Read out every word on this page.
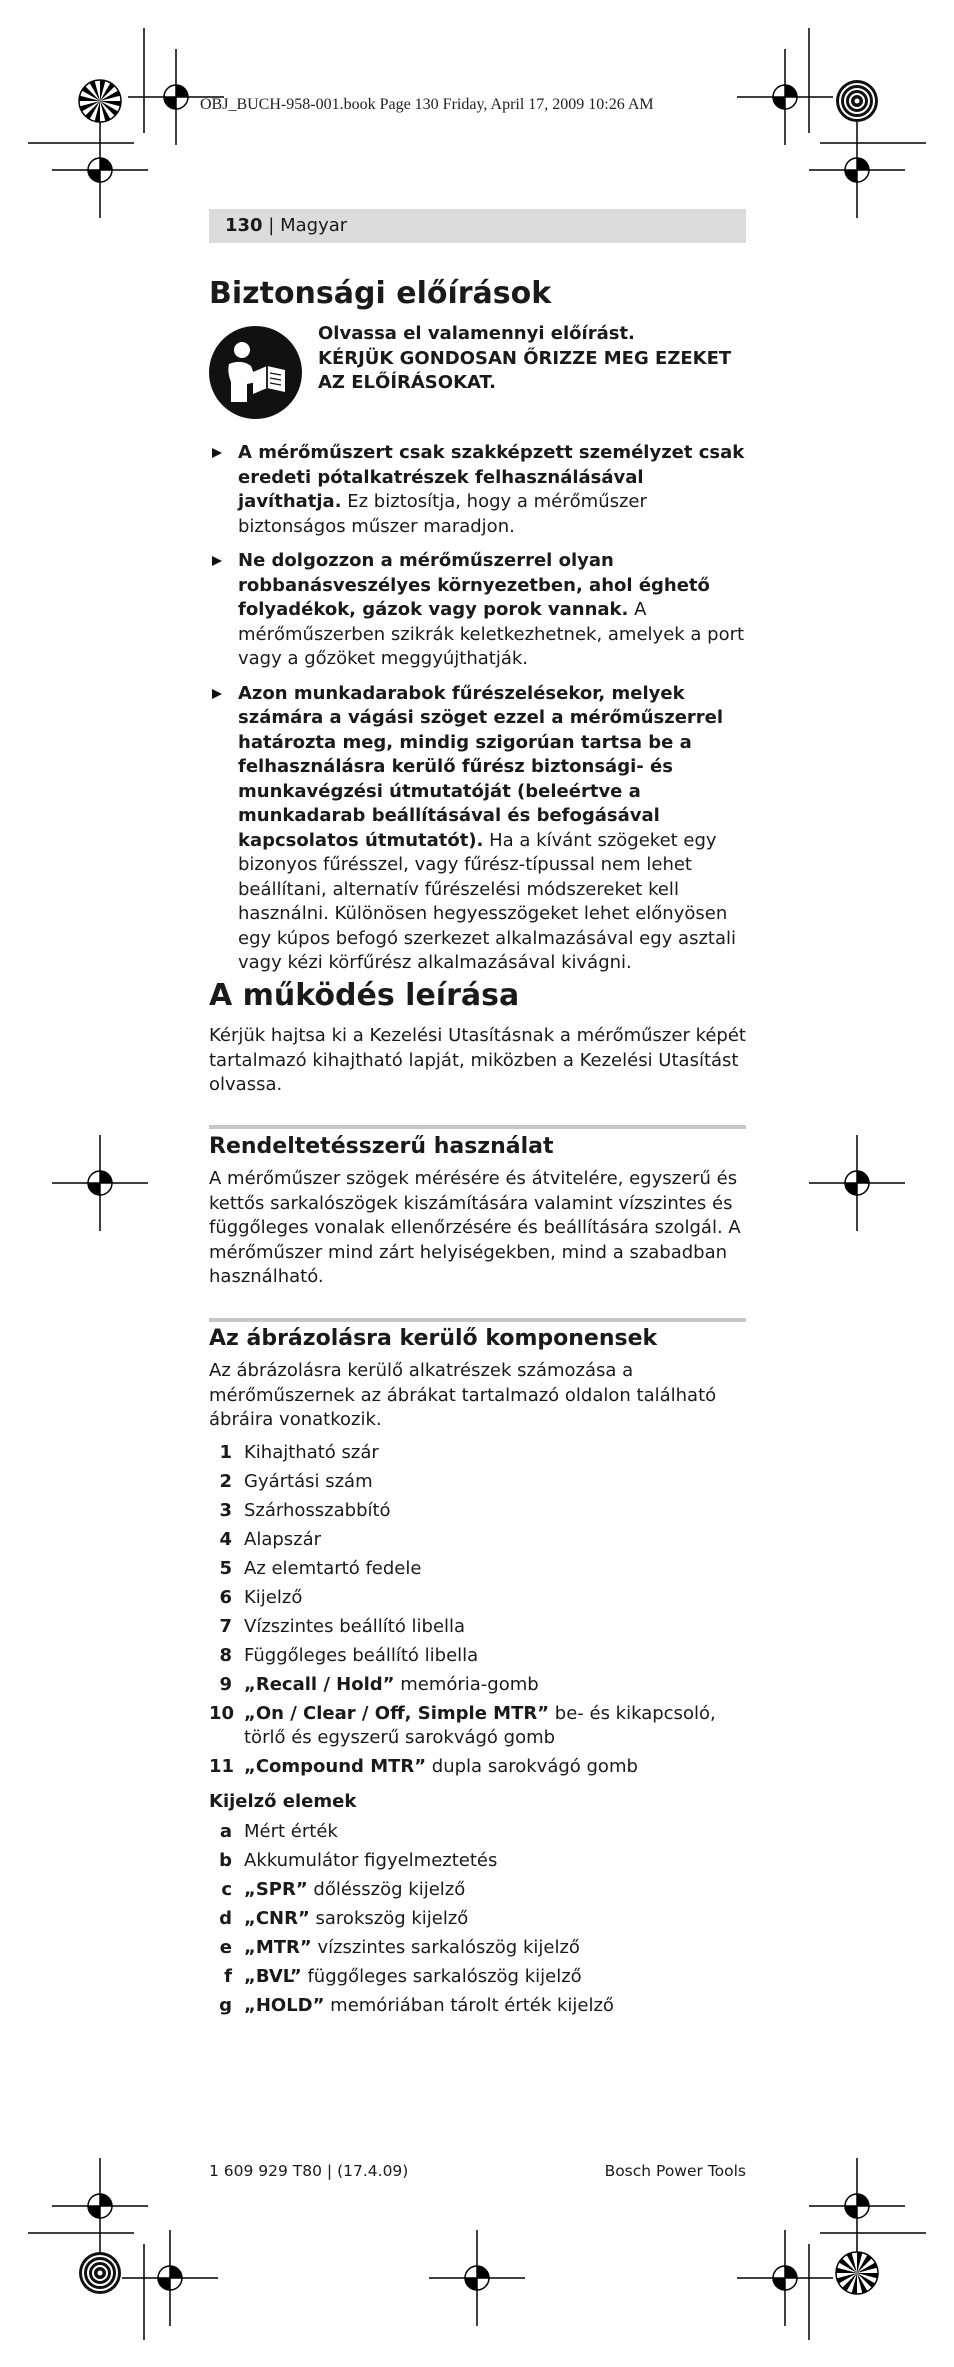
OBJ_BUCH-958-001.book Page 130 Friday, April 17, 2009 10:26 AM
130 | Magyar
Biztonsági előírások
Olvassa el valamennyi előírást.
KÉRJÜK GONDOSAN ŐRIZZE MEG EZEKET
AZ ELŐÍRÁSOKAT.
A mérőműszert csak szakképzett személyzet csak eredeti pótalkatrészek felhasználásával javíthatja. Ez biztosítja, hogy a mérőműszer biztonságos műszer maradjon.
Ne dolgozzon a mérőműszerrel olyan robbanásveszélyes környezetben, ahol éghető folyadékok, gázok vagy porok vannak. A mérőműszerben szikrák keletkezhetnek, amelyek a port vagy a gőzöket meggyújthatják.
Azon munkadarabok fűrészelésekor, melyek számára a vágási szöget ezzel a mérőműszerrel határozta meg, mindig szigorúan tartsa be a felhasználásra kerülő fűrész biztonsági- és munkavégzési útmutatóját (beleértve a munkadarab beállításával és befogásával kapcsolatos útmutatót). Ha a kívánt szögeket egy bizonyos fűrésszel, vagy fűrész-típussal nem lehet beállítani, alternatív fűrészelési módszereket kell használni. Különösen hegyesszögeket lehet előnyösen egy kúpos befogó szerkezet alkalmazásával egy asztali vagy kézi körfűrész alkalmazásával kivágni.
A működés leírása

Kérjük hajtsa ki a Kezelési Utasításnak a mérőműszer képét tartalmazó kihajtható lapját, miközben a Kezelési Utasítást olvassa.

Rendeltetésszerű használat

A mérőműszer szögek mérésére és átvitelére, egyszerű és kettős sarkalószögek kiszámítására valamint vízszintes és függőleges vonalak ellenőrzésére és beállítására szolgál. A mérőműszer mind zárt helyiségekben, mind a szabadban használható.

Az ábrázolásra kerülő komponensek

Az ábrázolásra kerülő alkatrészek számozása a mérőműszernek az ábrákat tartalmazó oldalon található ábráira vonatkozik.

1 Kihajtható szár
2 Gyártási szám
3 Szárhosszabbító
4 Alapszár
5 Az elemtartó fedele
6 Kijelző
7 Vízszintes beállító libella
8 Függőleges beállító libella
9 „Recall / Hold” memória-gomb
10 „On / Clear / Off, Simple MTR” be- és kikapcsoló, törlő és egyszerű sarokvágó gomb
11 „Compound MTR” dupla sarokvágó gomb
Kijelző elemek
a Mért érték
b Akkumulátor figyelmeztetés
c „SPR” dőlésszög kijelző
d „CNR” sarokszög kijelző
e „MTR” vízszintes sarkalószög kijelző
f „BVL” függőleges sarkalószög kijelző
g „HOLD” memóriában tárolt érték kijelző
1 609 929 T80 | (17.4.09)	Bosch Power Tools
